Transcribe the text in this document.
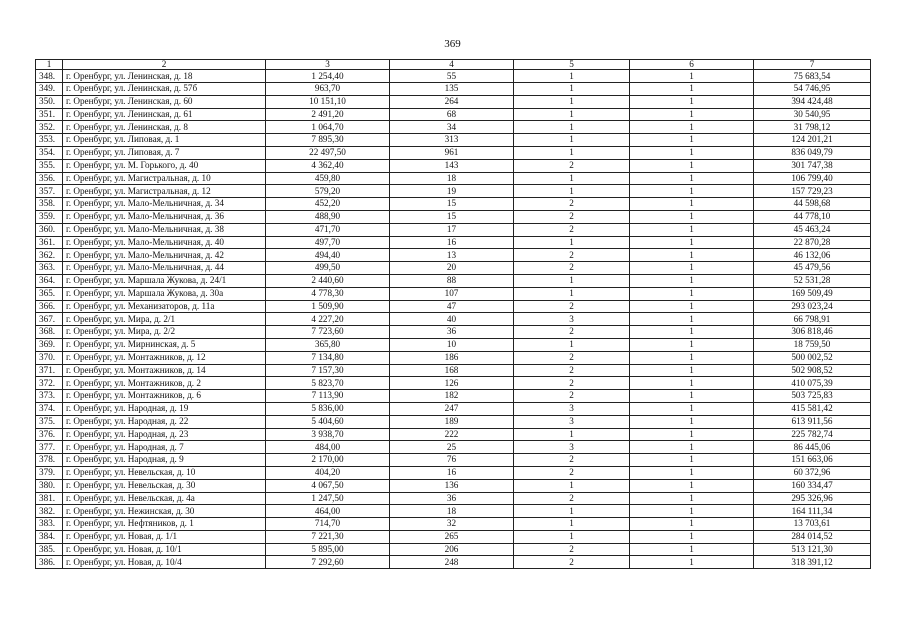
369
1	2	3	4	5	6	7
348.	г. Оренбург, ул. Ленинская, д. 18	1 254,40	55	1	1	75 683,54
349.	г. Оренбург, ул. Ленинская, д. 57б	963,70	135	1	1	54 746,95
350.	г. Оренбург, ул. Ленинская, д. 60	10 151,10	264	1	1	394 424,48
351.	г. Оренбург, ул. Ленинская, д. 61	2 491,20	68	1	1	30 540,95
352.	г. Оренбург, ул. Ленинская, д. 8	1 064,70	34	1	1	31 798,12
353.	г. Оренбург, ул. Липовая, д. 1	7 895,30	313	1	1	124 201,21
354.	г. Оренбург, ул. Липовая, д. 7	22 497,50	961	1	1	836 049,79
355.	г. Оренбург, ул. М. Горького, д. 40	4 362,40	143	2	1	301 747,38
356.	г. Оренбург, ул. Магистральная, д. 10	459,80	18	1	1	106 799,40
357.	г. Оренбург, ул. Магистральная, д. 12	579,20	19	1	1	157 729,23
358.	г. Оренбург, ул. Мало-Мельничная, д. 34	452,20	15	2	1	44 598,68
359.	г. Оренбург, ул. Мало-Мельничная, д. 36	488,90	15	2	1	44 778,10
360.	г. Оренбург, ул. Мало-Мельничная, д. 38	471,70	17	2	1	45 463,24
361.	г. Оренбург, ул. Мало-Мельничная, д. 40	497,70	16	1	1	22 870,28
362.	г. Оренбург, ул. Мало-Мельничная, д. 42	494,40	13	2	1	46 132,06
363.	г. Оренбург, ул. Мало-Мельничная, д. 44	499,50	20	2	1	45 479,56
364.	г. Оренбург, ул. Маршала Жукова, д. 24/1	2 440,60	88	1	1	52 531,28
365.	г. Оренбург, ул. Маршала Жукова, д. 30а	4 778,30	107	1	1	169 509,49
366.	г. Оренбург, ул. Механизаторов, д. 11а	1 509,90	47	2	1	293 023,24
367.	г. Оренбург, ул. Мира, д. 2/1	4 227,20	40	3	1	66 798,91
368.	г. Оренбург, ул. Мира, д. 2/2	7 723,60	36	2	1	306 818,46
369.	г. Оренбург, ул. Мирнинская, д. 5	365,80	10	1	1	18 759,50
370.	г. Оренбург, ул. Монтажников, д. 12	7 134,80	186	2	1	500 002,52
371.	г. Оренбург, ул. Монтажников, д. 14	7 157,30	168	2	1	502 908,52
372.	г. Оренбург, ул. Монтажников, д. 2	5 823,70	126	2	1	410 075,39
373.	г. Оренбург, ул. Монтажников, д. 6	7 113,90	182	2	1	503 725,83
374.	г. Оренбург, ул. Народная, д. 19	5 836,00	247	3	1	415 581,42
375.	г. Оренбург, ул. Народная, д. 22	5 404,60	189	3	1	613 911,56
376.	г. Оренбург, ул. Народная, д. 23	3 938,70	222	1	1	225 782,74
377.	г. Оренбург, ул. Народная, д. 7	484,00	25	3	1	86 445,06
378.	г. Оренбург, ул. Народная, д. 9	2 170,00	76	2	1	151 663,06
379.	г. Оренбург, ул. Невельская, д. 10	404,20	16	2	1	60 372,96
380.	г. Оренбург, ул. Невельская, д. 30	4 067,50	136	1	1	160 334,47
381.	г. Оренбург, ул. Невельская, д. 4а	1 247,50	36	2	1	295 326,96
382.	г. Оренбург, ул. Нежинская, д. 30	464,00	18	1	1	164 111,34
383.	г. Оренбург, ул. Нефтяников, д. 1	714,70	32	1	1	13 703,61
384.	г. Оренбург, ул. Новая, д. 1/1	7 221,30	265	1	1	284 014,52
385.	г. Оренбург, ул. Новая, д. 10/1	5 895,00	206	2	1	513 121,30
386.	г. Оренбург, ул. Новая, д. 10/4	7 292,60	248	2	1	318 391,12
